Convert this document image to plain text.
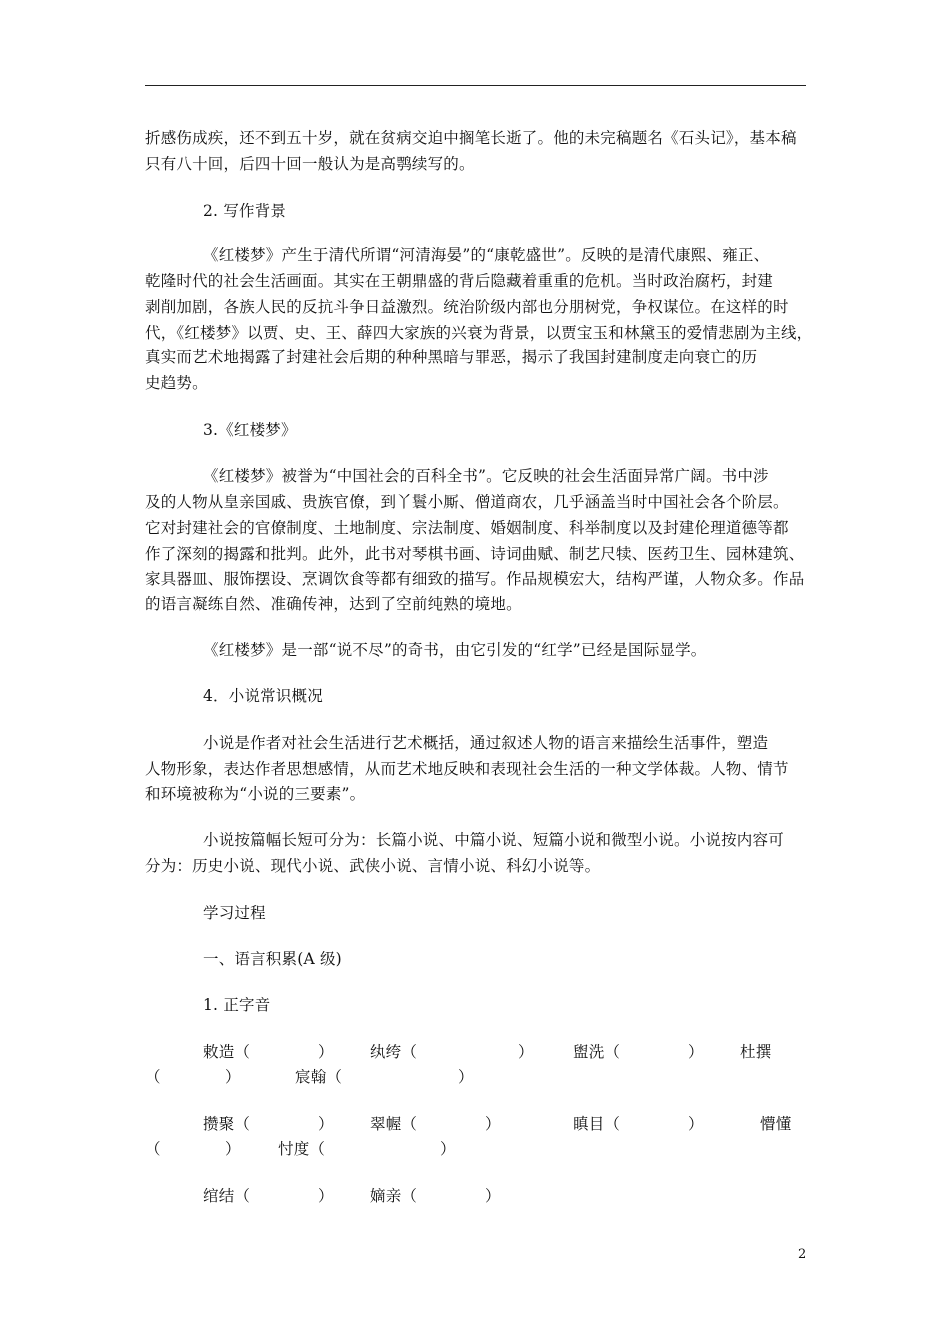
折感伤成疾，还不到五十岁，就在贫病交迫中搁笔长逝了。他的未完稿题名《石头记》，基本稿
只有八十回，后四十回一般认为是高鹗续写的。
2. 写作背景
《红楼梦》产生于清代所谓“河清海晏”的“康乾盛世”。反映的是清代康熙、雍正、
乾隆时代的社会生活画面。其实在王朝鼎盛的背后隐藏着重重的危机。当时政治腐朽，封建
剥削加剧，各族人民的反抗斗争日益激烈。统治阶级内部也分朋树党，争权谋位。在这样的时
代，《红楼梦》以贾、史、王、薛四大家族的兴衰为背景，以贾宝玉和林黛玉的爱情悲剧为主线，
真实而艺术地揭露了封建社会后期的种种黑暗与罪恶，揭示了我国封建制度走向衰亡的历
史趋势。
3.《红楼梦》
《红楼梦》被誉为“中国社会的百科全书”。它反映的社会生活面异常广阔。书中涉
及的人物从皇亲国戚、贵族官僚，到丫鬟小厮、僧道商农，几乎涵盖当时中国社会各个阶层。
它对封建社会的官僚制度、土地制度、宗法制度、婚姻制度、科举制度以及封建伦理道德等都
作了深刻的揭露和批判。此外，此书对琴棋书画、诗词曲赋、制艺尺犊、医药卫生、园林建筑、
家具器皿、服饰摆设、烹调饮食等都有细致的描写。作品规模宏大，结构严谨，人物众多。作品
的语言凝练自然、准确传神，达到了空前纯熟的境地。
《红楼梦》是一部“说不尽”的奇书，由它引发的“红学”已经是国际显学。
4．小说常识概况
小说是作者对社会生活进行艺术概括，通过叙述人物的语言来描绘生活事件，塑造
人物形象，表达作者思想感情，从而艺术地反映和表现社会生活的一种文学体裁。人物、情节
和环境被称为“小说的三要素”。
小说按篇幅长短可分为：长篇小说、中篇小说、短篇小说和微型小说。小说按内容可
分为：历史小说、现代小说、武侠小说、言情小说、科幻小说等。
学习过程
一、语言积累(A 级)
1. 正字音
敕造（	） 纨绔（	）	盥洗（	） 杜撰
（	）	宸翰（	）
攒聚（	） 翠幄（	）	瞋目（	）	懵懂
（	） 忖度（	）
绾结（	） 嫡亲（	）
2
